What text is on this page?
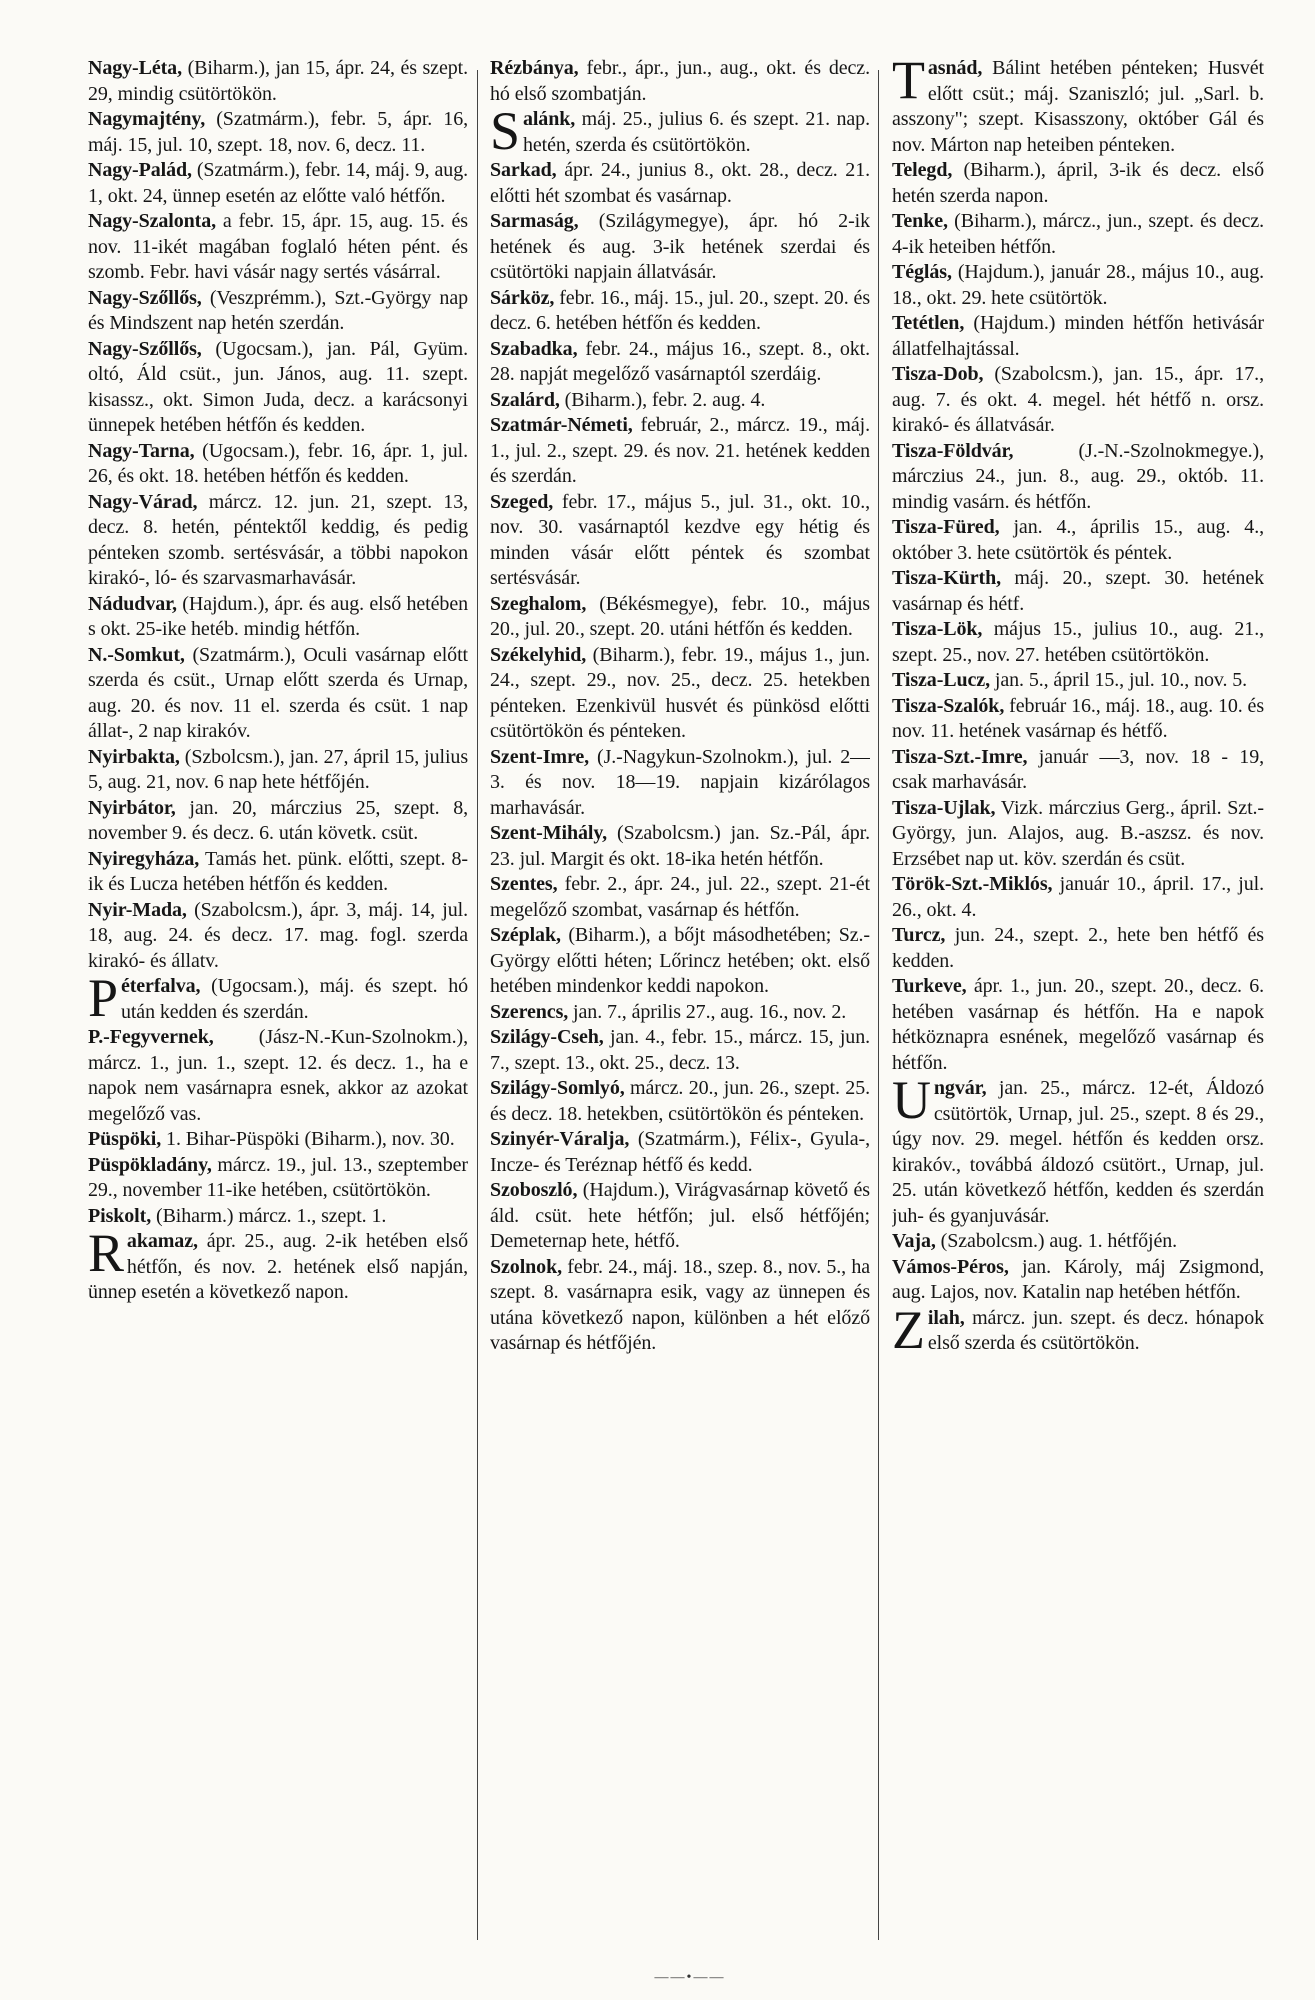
Nagy-Léta, (Biharm.), jan 15, ápr. 24, és szept. 29, mindig csütörtökön.

Nagymajtény, (Szatmárm.), febr. 5, ápr. 16, máj. 15, jul. 10, szept. 18, nov. 6, decz. 11.

Nagy-Palád, (Szatmárm.), febr. 14, máj. 9, aug. 1, okt. 24, ünnep esetén az előtte való hétfőn.

Nagy-Szalonta, a febr. 15, ápr. 15, aug. 15. és nov. 11-ikét magában foglaló héten pént. és szomb. Febr. havi vásár nagy sertés vásárral.

Nagy-Szőllős, (Veszprémm.), Szt.-György nap és Mindszent nap hetén szerdán.

Nagy-Szőllős, (Ugocsam.), jan. Pál, Gyüm. oltó, Áld csüt., jun. János, aug. 11. szept. kisassz., okt. Simon Juda, decz. a karácsonyi ünnepek hetében hétfőn és kedden.

Nagy-Tarna, (Ugocsam.), febr. 16, ápr. 1, jul. 26, és okt. 18. hetében hétfőn és kedden.

Nagy-Várad, márcz. 12. jun. 21, szept. 13, decz. 8. hetén, péntektől keddig, és pedig pénteken szomb. sertésvásár, a többi napokon kirakó-, ló- és szarvasmarhavásár.

Nádudvar, (Hajdum.), ápr. és aug. első hetében s okt. 25-ike hetéb. mindig hétfőn.

N.-Somkut, (Szatmárm.), Oculi vasárnap előtt szerda és csüt., Urnap előtt szerda és Urnap, aug. 20. és nov. 11 el. szerda és csüt. 1 nap állat-, 2 nap kirakóv.

Nyirbakta, (Szbolcsm.), jan. 27, ápril 15, julius 5, aug. 21, nov. 6 nap hete hétfőjén.

Nyirbátor, jan. 20, márczius 25, szept. 8, november 9. és decz. 6. után követk. csüt.

Nyiregyháza, Tamás het. pünk. előtti, szept. 8-ik és Lucza hetében hétfőn és kedden.

Nyir-Mada, (Szabolcsm.), ápr. 3, máj. 14, jul. 18, aug. 24. és decz. 17. mag. fogl. szerda kirakó- és állatv.

Péterfalva, (Ugocsam.), máj. és szept. hó után kedden és szerdán.

P.-Fegyvernek, (Jász-N.-Kun-Szolnokm.), márcz. 1., jun. 1., szept. 12. és decz. 1., ha e napok nem vasárnapra esnek, akkor az azokat megelőző vas.

Püspöki, 1. Bihar-Püspöki (Biharm.), nov. 30.

Püspökladány, márcz. 19., jul. 13., szeptember 29., november 11-ike hetében, csütörtökön.

Piskolt, (Biharm.) márcz. 1., szept. 1.

Rakamaz, ápr. 25., aug. 2-ik hetében első hétfőn, és nov. 2. hetének első napján, ünnep esetén a következő napon.

Rézbánya, febr., ápr., jun., aug., okt. és decz. hó első szombatján.

Salánk, máj. 25., julius 6. és szept. 21. nap. hetén, szerda és csütörtökön.

Sarkad, ápr. 24., junius 8., okt. 28., decz. 21. előtti hét szombat és vasárnap.

Sarmaság, (Szilágymegye), ápr. hó 2-ik hetének és aug. 3-ik hetének szerdai és csütörtöki napjain állatvásár.

Sárköz, febr. 16., máj. 15., jul. 20., szept. 20. és decz. 6. hetében hétfőn és kedden.

Szabadka, febr. 24., május 16., szept. 8., okt. 28. napját megelőző vasárnaptól szerdáig.

Szalárd, (Biharm.), febr. 2. aug. 4.

Szatmár-Németi, február, 2., márcz. 19., máj. 1., jul. 2., szept. 29. és nov. 21. hetének kedden és szerdán.

Szeged, febr. 17., május 5., jul. 31., okt. 10., nov. 30. vasárnaptól kezdve egy hétig és minden vásár előtt péntek és szombat sertésvásár.

Szeghalom, (Békésmegye), febr. 10., május 20., jul. 20., szept. 20. utáni hétfőn és kedden.

Székelyhid, (Biharm.), febr. 19., május 1., jun. 24., szept. 29., nov. 25., decz. 25. hetekben pénteken. Ezenkivül husvét és pünkösd előtti csütörtökön és pénteken.

Szent-Imre, (J.-Nagykun-Szolnokm.), jul. 2—3. és nov. 18—19. napjain kizárólagos marhavásár.

Szent-Mihály, (Szabolcsm.) jan. Sz.-Pál, ápr. 23. jul. Margit és okt. 18-ika hetén hétfőn.

Szentes, febr. 2., ápr. 24., jul. 22., szept. 21-ét megelőző szombat, vasárnap és hétfőn.

Széplak, (Biharm.), a bőjt másodhetében; Sz.-György előtti héten; Lőrincz hetében; okt. első hetében mindenkor keddi napokon.

Szerencs, jan. 7., április 27., aug. 16., nov. 2.

Szilágy-Cseh, jan. 4., febr. 15., márcz. 15, jun. 7., szept. 13., okt. 25., decz. 13.

Szilágy-Somlyó, márcz. 20., jun. 26., szept. 25. és decz. 18. hetekben, csütörtökön és pénteken.

Szinyér-Váralja, (Szatmárm.), Félix-, Gyula-, Incze- és Teréznap hétfő és kedd.

Szoboszló, (Hajdum.), Virágvasárnap követő és áld. csüt. hete hétfőn; jul. első hétfőjén; Demeternap hete, hétfő.

Szolnok, febr. 24., máj. 18., szep. 8., nov. 5., ha szept. 8. vasárnapra esik, vagy az ünnepen és utána következő napon, különben a hét előző vasárnap és hétfőjén.

Tasnád, Bálint hetében pénteken; Husvét előtt csüt.; máj. Szaniszló; jul. „Sarl. b. asszony"; szept. Kisasszony, október Gál és nov. Márton nap heteiben pénteken.

Telegd, (Biharm.), ápril, 3-ik és decz. első hetén szerda napon.

Tenke, (Biharm.), márcz., jun., szept. és decz. 4-ik heteiben hétfőn.

Téglás, (Hajdum.), január 28., május 10., aug. 18., okt. 29. hete csütörtök.

Tetétlen, (Hajdum.) minden hétfőn hetivásár állatfelhajtással.

Tisza-Dob, (Szabolcsm.), jan. 15., ápr. 17., aug. 7. és okt. 4. megel. hét hétfő n. orsz. kirakó- és állatvásár.

Tisza-Földvár, (J.-N.-Szolnokmegye.), márczius 24., jun. 8., aug. 29., októb. 11. mindig vasárn. és hétfőn.

Tisza-Füred, jan. 4., április 15., aug. 4., október 3. hete csütörtök és péntek.

Tisza-Kürth, máj. 20., szept. 30. hetének vasárnap és hétf.

Tisza-Lök, május 15., julius 10., aug. 21., szept. 25., nov. 27. hetében csütörtökön.

Tisza-Lucz, jan. 5., ápril 15., jul. 10., nov. 5.

Tisza-Szalók, február 16., máj. 18., aug. 10. és nov. 11. hetének vasárnap és hétfő.

Tisza-Szt.-Imre, január —3, nov. 18 - 19, csak marhavásár.

Tisza-Ujlak, Vizk. márczius Gerg., ápril. Szt.-György, jun. Alajos, aug. B.-aszsz. és nov. Erzsébet nap ut. köv. szerdán és csüt.

Török-Szt.-Miklós, január 10., ápril. 17., jul. 26., okt. 4.

Turcz, jun. 24., szept. 2., hete ben hétfő és kedden.

Turkeve, ápr. 1., jun. 20., szept. 20., decz. 6. hetében vasárnap és hétfőn. Ha e napok hétköznapra esnének, megelőző vasárnap és hétfőn.

Ungvár, jan. 25., márcz. 12-ét, Áldozó csütörtök, Urnap, jul. 25., szept. 8 és 29., úgy nov. 29. megel. hétfőn és kedden orsz. kirakóv., továbbá áldozó csütört., Urnap, jul. 25. után következő hétfőn, kedden és szerdán juh- és gyanjuvásár.

Vaja, (Szabolcsm.) aug. 1. hétfőjén.

Vámos-Péros, jan. Károly, máj Zsigmond, aug. Lajos, nov. Katalin nap hetében hétfőn.

Zilah, márcz. jun. szept. és decz. hónapok első szerda és csütörtökön.

——•——
